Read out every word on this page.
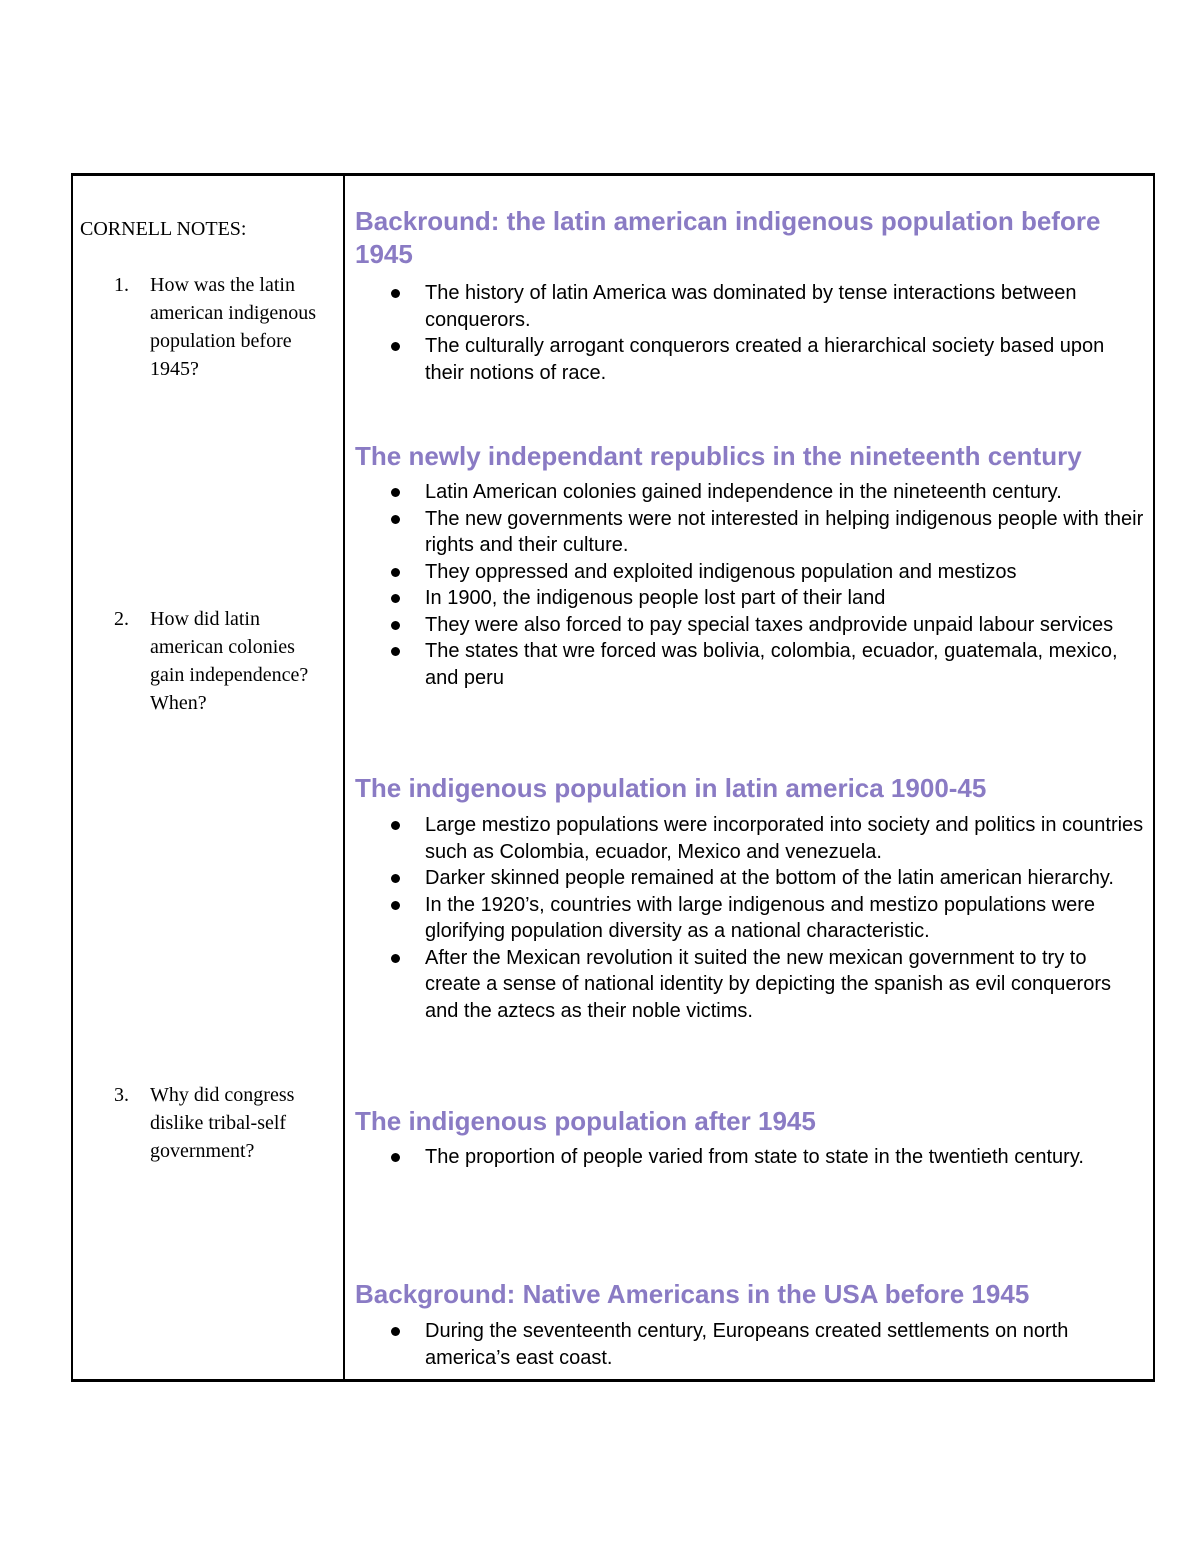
CORNELL NOTES:

1. How was the latin american indigenous population before 1945?
2. How did latin american colonies gain independence? When?
3. Why did congress dislike tribal-self government?
Backround: the latin american indigenous population before 1945
The history of latin America was dominated by tense interactions between conquerors.
The culturally arrogant conquerors created a hierarchical society based upon their notions of race.
The newly independant republics in the nineteenth century
Latin American colonies gained independence in the nineteenth century.
The new governments were not interested in helping indigenous people with their rights and their culture.
They oppressed and exploited indigenous population and mestizos
In 1900, the indigenous people lost part of their land
They were also forced to pay special taxes andprovide unpaid labour services
The states that wre forced was bolivia, colombia, ecuador, guatemala, mexico, and peru
The indigenous population in latin america 1900-45
Large mestizo populations were incorporated into society and politics in countries such as Colombia, ecuador, Mexico and venezuela.
Darker skinned people remained at the bottom of the latin american hierarchy.
In the 1920’s, countries with large indigenous and mestizo populations were glorifying population diversity as a national characteristic.
After the Mexican revolution it suited the new mexican government to try to create a sense of national identity by depicting the spanish as evil conquerors and the aztecs as their noble victims.
The indigenous population after 1945
The proportion of people varied from state to state in the twentieth century.
Background: Native Americans in the USA before 1945
During the seventeenth century, Europeans created settlements on north america’s east coast.
